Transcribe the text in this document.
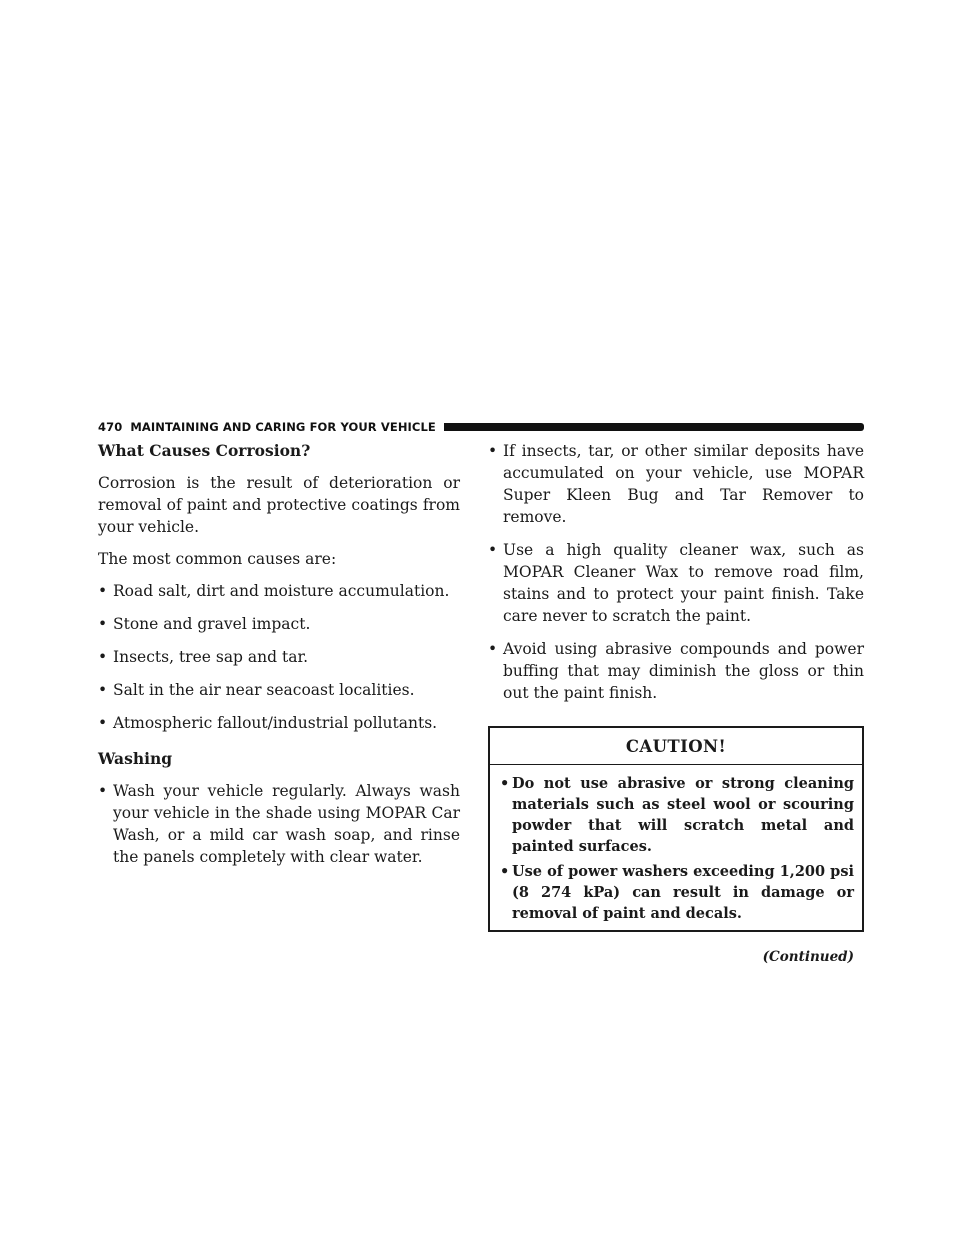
470 MAINTAINING AND CARING FOR YOUR VEHICLE
What Causes Corrosion?

Corrosion is the result of deterioration or removal of paint and protective coatings from your vehicle.

The most common causes are:

• Road salt, dirt and moisture accumulation.
• Stone and gravel impact.
• Insects, tree sap and tar.
• Salt in the air near seacoast localities.
• Atmospheric fallout/industrial pollutants.
Washing
• Wash your vehicle regularly. Always wash your vehicle in the shade using MOPAR Car Wash, or a mild car wash soap, and rinse the panels completely with clear water.
• If insects, tar, or other similar deposits have accumulated on your vehicle, use MOPAR Super Kleen Bug and Tar Remover to remove.
• Use a high quality cleaner wax, such as MOPAR Cleaner Wax to remove road film, stains and to protect your paint finish. Take care never to scratch the paint.
• Avoid using abrasive compounds and power buffing that may diminish the gloss or thin out the paint finish.
CAUTION!
• Do not use abrasive or strong cleaning materials such as steel wool or scouring powder that will scratch metal and painted surfaces.
• Use of power washers exceeding 1,200 psi (8 274 kPa) can result in damage or removal of paint and decals.
(Continued)
